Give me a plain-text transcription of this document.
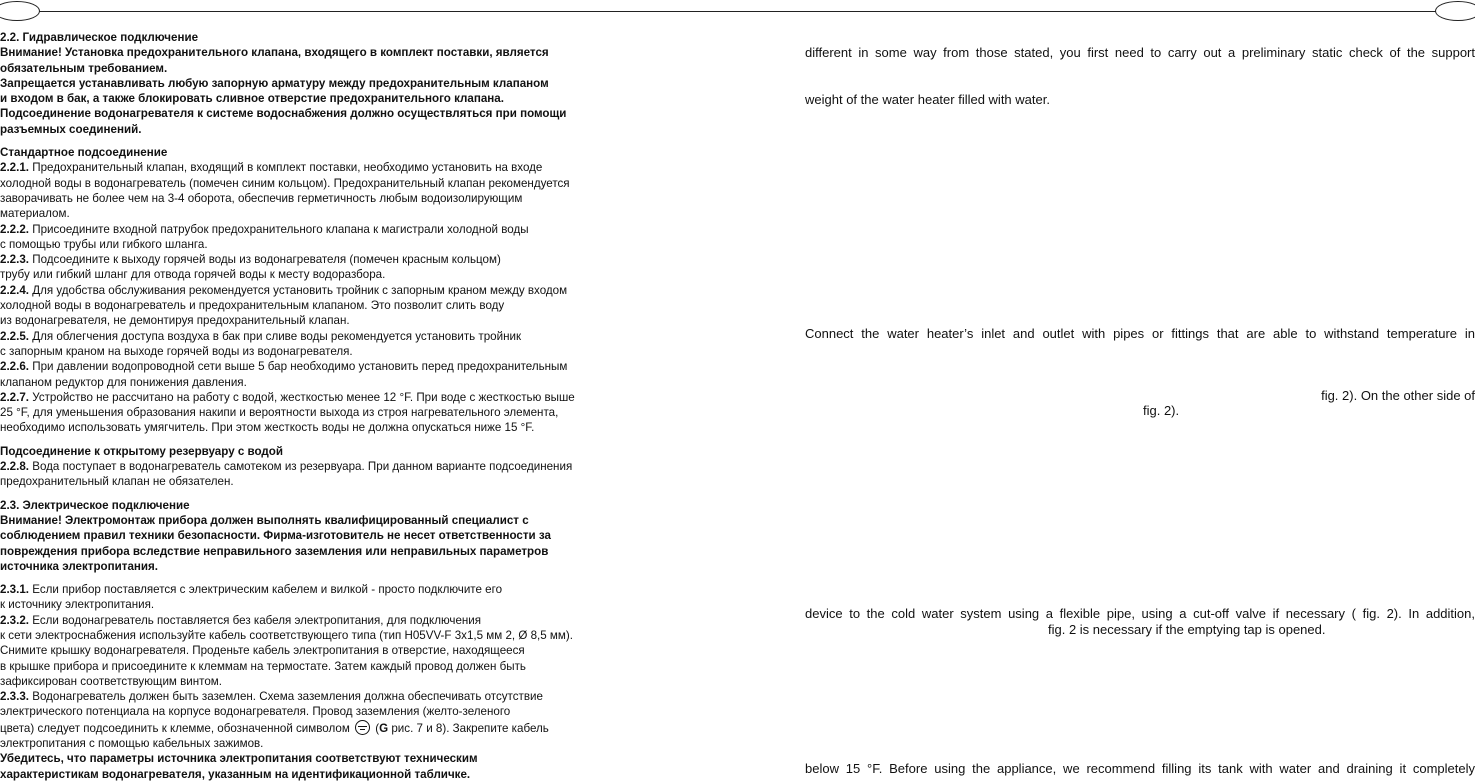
2.2. Гидравлическое подключение
Внимание! Установка предохранительного клапана, входящего в комплект поставки, является
обязательным требованием.
Запрещается устанавливать любую запорную арматуру между предохранительным клапаном
и входом в бак, а также блокировать сливное отверстие предохранительного клапана.
Подсоединение водонагревателя к системе водоснабжения должно осуществляться при помощи
разъемных соединений.
Стандартное подсоединение
2.2.1. Предохранительный клапан, входящий в комплект поставки, необходимо установить на входе
холодной воды в водонагреватель (помечен синим кольцом). Предохранительный клапан рекомендуется
заворачивать не более чем на 3-4 оборота, обеспечив герметичность любым водоизолирующим
материалом.
2.2.2. Присоедините входной патрубок предохранительного клапана к магистрали холодной воды
с помощью трубы или гибкого шланга.
2.2.3. Подсоедините к выходу горячей воды из водонагревателя (помечен красным кольцом)
трубу или гибкий шланг для отвода горячей воды к месту водоразбора.
2.2.4. Для удобства обслуживания рекомендуется установить тройник с запорным краном между входом
холодной воды в водонагреватель и предохранительным клапаном. Это позволит слить воду
из водонагревателя, не демонтируя предохранительный клапан.
2.2.5. Для облегчения доступа воздуха в бак при сливе воды рекомендуется установить тройник
с запорным краном на выходе горячей воды из водонагревателя.
2.2.6. При давлении водопроводной сети выше 5 бар необходимо установить перед предохранительным
клапаном редуктор для понижения давления.
2.2.7. Устройство не рассчитано на работу с водой, жесткостью менее 12 °F. При воде с жесткостью выше
25 °F, для уменьшения образования накипи и вероятности выхода из строя нагревательного элемента,
необходимо использовать умягчитель. При этом жесткость воды не должна опускаться ниже 15 °F.
Подсоединение к открытому резервуару с водой
2.2.8. Вода поступает в водонагреватель самотеком из резервуара. При данном варианте подсоединения
предохранительный клапан не обязателен.
2.3. Электрическое подключение
Внимание! Электромонтаж прибора должен выполнять квалифицированный специалист с
соблюдением правил техники безопасности. Фирма-изготовитель не несет ответственности за
повреждения прибора вследствие неправильного заземления или неправильных параметров
источника электропитания.
2.3.1. Если прибор поставляется с электрическим кабелем и вилкой - просто подключите его
к источнику электропитания.
2.3.2. Если водонагреватель поставляется без кабеля электропитания, для подключения
к сети электроснабжения используйте кабель соответствующего типа (тип H05VV-F 3x1,5 мм 2, Ø 8,5 мм).
Снимите крышку водонагревателя. Проденьте кабель электропитания в отверстие, находящееся
в крышке прибора и присоедините к клеммам на термостате. Затем каждый провод должен быть
зафиксирован соответствующим винтом.
2.3.3. Водонагреватель должен быть заземлен. Схема заземления должна обеспечивать отсутствие
электрического потенциала на корпусе водонагревателя. Провод заземления (желто-зеленого
цвета) следует подсоединить к клемме, обозначенной символом  (G рис. 7 и 8). Закрепите кабель
электропитания с помощью кабельных зажимов.
Убедитесь, что параметры источника электропитания соответствуют техническим
характеристикам водонагревателя, указанным на идентификационной табличке.
different in some way from those stated, you first need to carry out a preliminary static check of the support
weight of the water heater filled with water.
Connect the water heater’s inlet and outlet with pipes or fittings that are able to withstand temperature in
fig. 2). On the other side of
fig. 2).
device to the cold water system using a flexible pipe, using a cut-off valve if necessary ( fig. 2). In addition,
fig. 2 is necessary if the emptying tap is opened.
below 15 °F. Before using the appliance, we recommend filling its tank with water and draining it completely
